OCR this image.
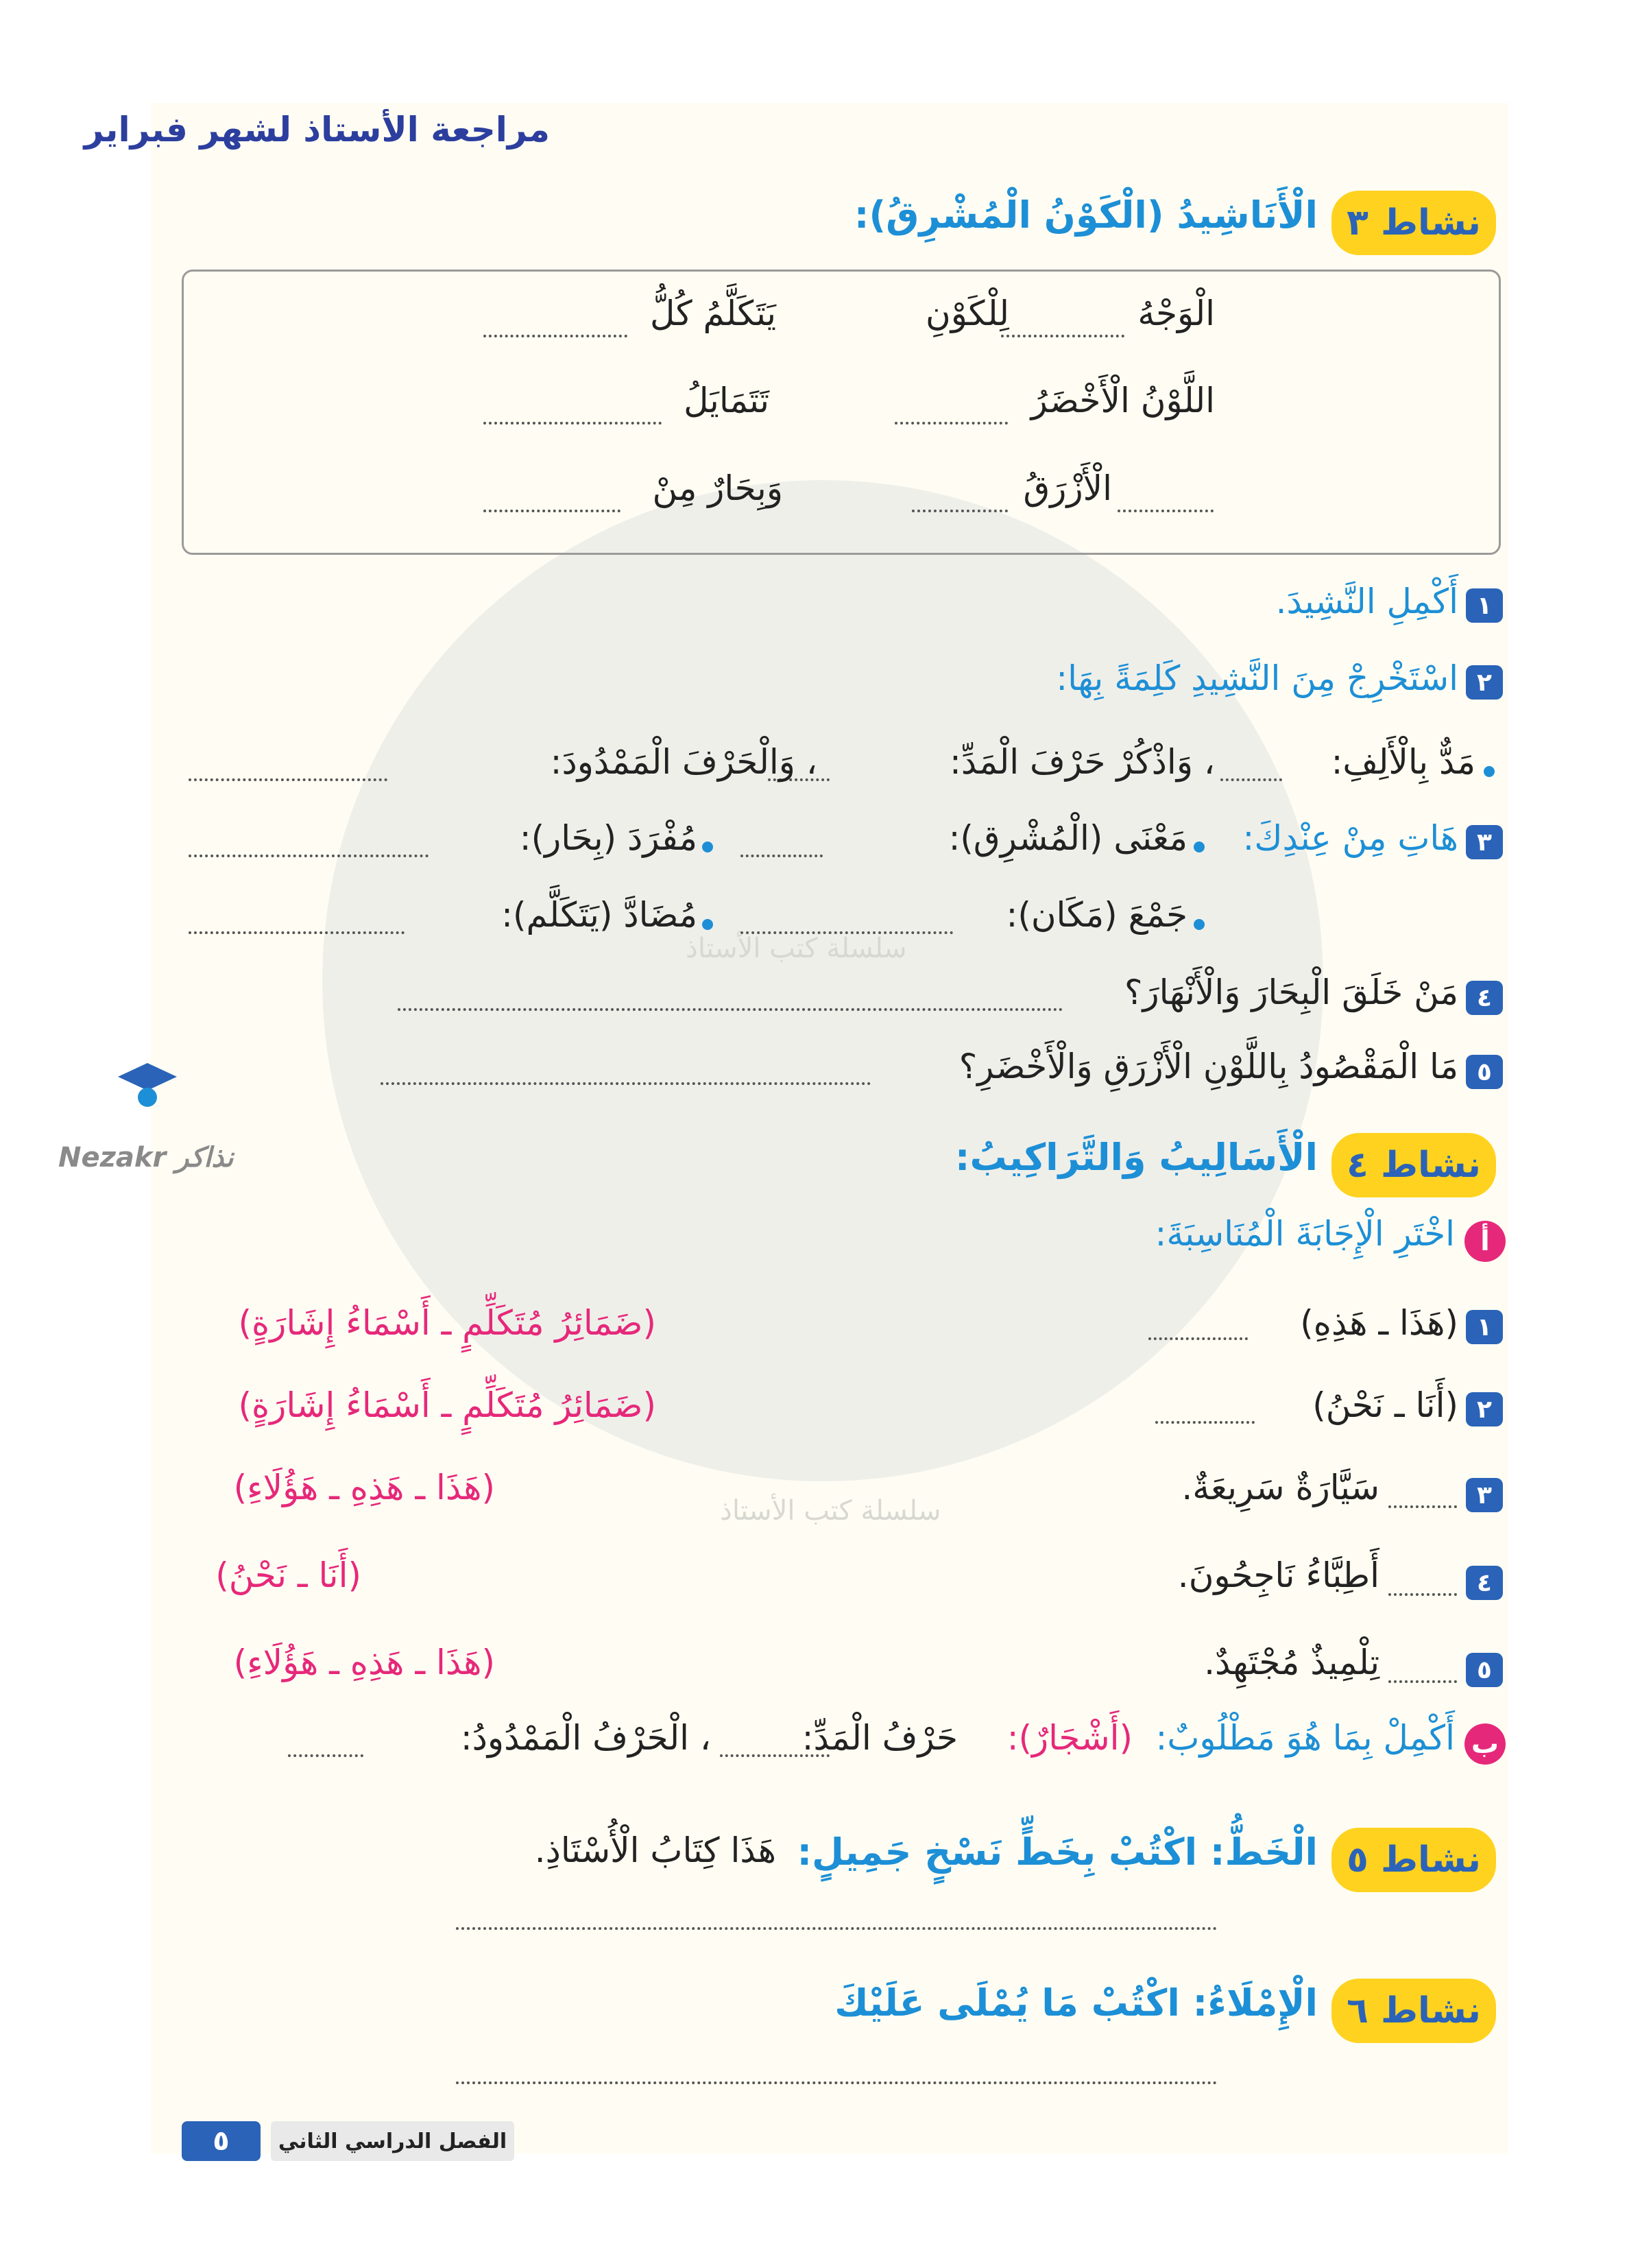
سلسلة كتب الأستاذ
سلسلة كتب الأستاذ
Nezakr نذاكر
مراجعة الأستاذ لشهر فبراير
نشاط ٣
الْأَنَاشِيدُ (الْكَوْنُ الْمُشْرِقُ):
الْوَجْهُ
لِلْكَوْنِ
يَتَكَلَّمُ كُلُّ
اللَّوْنُ الْأَخْضَرُ
تَتَمَايَلُ
الْأَزْرَقُ
وَبِحَارٌ مِنْ
١
أَكْمِلِ النَّشِيدَ.
٢
اسْتَخْرِجْ مِنَ النَّشِيدِ كَلِمَةً بِهَا:
مَدٌّ بِالْأَلِفِ:
، وَاذْكُرْ حَرْفَ الْمَدِّ:
، وَالْحَرْفَ الْمَمْدُودَ:
٣
هَاتِ مِنْ عِنْدِكَ:
مَعْنَى (الْمُشْرِق):
مُفْرَدَ (بِحَار):
جَمْعَ (مَكَان):
مُضَادَّ (يَتَكَلَّم):
٤
مَنْ خَلَقَ الْبِحَارَ وَالْأَنْهَارَ؟
٥
مَا الْمَقْصُودُ بِاللَّوْنِ الْأَزْرَقِ وَالْأَخْضَرِ؟
نشاط ٤
الْأَسَالِيبُ وَالتَّرَاكِيبُ:
أ
اخْتَرِ الْإِجَابَةَ الْمُنَاسِبَةَ:
١
(هَذَا ـ هَذِهِ)
(ضَمَائِرُ مُتَكَلِّمٍ ـ أَسْمَاءُ إِشَارَةٍ)
٢
(أَنَا ـ نَحْنُ)
(ضَمَائِرُ مُتَكَلِّمٍ ـ أَسْمَاءُ إِشَارَةٍ)
٣
سَيَّارَةٌ سَرِيعَةٌ.
(هَذَا ـ هَذِهِ ـ هَؤُلَاءِ)
٤
أَطِبَّاءُ نَاجِحُونَ.
(أَنَا ـ نَحْنُ)
٥
تِلْمِيذٌ مُجْتَهِدٌ.
(هَذَا ـ هَذِهِ ـ هَؤُلَاءِ)
ب
أَكْمِلْ بِمَا هُوَ مَطْلُوبٌ:
(أَشْجَارٌ):
حَرْفُ الْمَدِّ:
، الْحَرْفُ الْمَمْدُودُ:
نشاط ٥
الْخَطُّ: اكْتُبْ بِخَطٍّ نَسْخٍ جَمِيلٍ:
هَذَا كِتَابُ الْأُسْتَاذِ.
نشاط ٦
الْإِمْلَاءُ: اكْتُبْ مَا يُمْلَى عَلَيْكَ
٥	الفصل الدراسي الثاني
